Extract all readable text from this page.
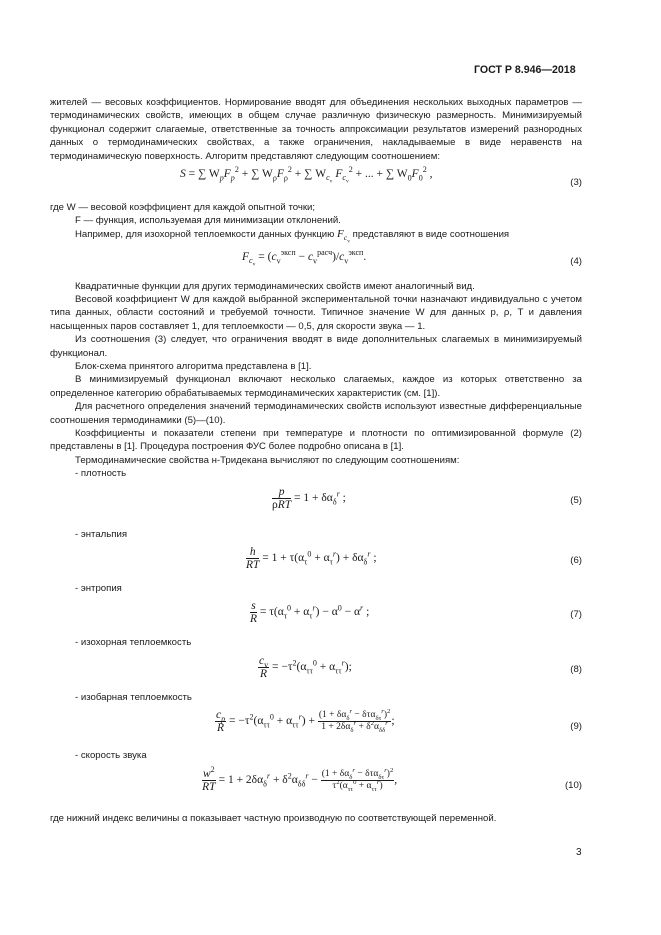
ГОСТ Р 8.946—2018

жителей — весовых коэффициентов. Нормирование вводят для объединения нескольких выходных параметров — термодинамических свойств, имеющих в общем случае различную физическую размерность. Минимизируемый функционал содержит слагаемые, ответственные за точность аппроксимации результатов измерений разнородных данных о термодинамических свойствах, а также ограничения, накладываемые в виде неравенств на термодинамическую поверхность. Алгоритм представляют следующим соотношением:

S = ∑ $W_pF_p^2$ + ∑ $W_\rho F_\rho^2$ + ∑ $W_{c_v}$ $F_{c_v}^2$ + ... + ∑ $W_0F_0^2$ ,
(3)

где W — весовой коэффициент для каждой опытной точки;

F — функция, используемая для минимизации отклонений.

Например, для изохорной теплоемкости данных функцию $F_{c_v}$ представляют в виде соотношения

$F_{c_v} = (c_v^{эксп} - c_v^{расч})/c_v^{эксп}$.	(4)

Квадратичные функции для других термодинамических свойств имеют аналогичный вид.

Весовой коэффициент W для каждой выбранной экспериментальной точки назначают индивидуально с учетом типа данных, области состояний и требуемой точности. Типичное значение W для данных p, ρ, T и давления насыщенных паров составляет 1, для теплоемкости — 0,5, для скорости звука — 1.

Из соотношения (3) следует, что ограничения вводят в виде дополнительных слагаемых в минимизируемый функционал.

Блок-схема принятого алгоритма представлена в [1].

В минимизируемый функционал включают несколько слагаемых, каждое из которых ответственно за определенное категорию обрабатываемых термодинамических характеристик (см. [1]).

Для расчетного определения значений термодинамических свойств используют известные дифференциальные соотношения термодинамики (5)—(10).

Коэффициенты и показатели степени при температуре и плотности по оптимизированной формуле (2) представлены в [1]. Процедура построения ФУС более подробно описана в [1].

Термодинамические свойства н-Тридекана вычисляют по следующим соотношениям:

- плотность

$\frac{p}{\text{ρRT}} = 1 + \delta\alpha_\delta^r$ ;	(5)

- энтальпия

$\frac{h}{RT} = 1 + \tau(\alpha_\tau^0 + \alpha_\tau^r) + \delta\alpha_\delta^r$ ;	(6)

- энтропия

$\frac{s}{R} = \tau(\alpha_\tau^0 + \alpha_\tau^r) - \alpha^0 - \alpha^r$ ;	(7)

- изохорная теплоемкость

$\frac{c_v}{R} = -\tau^2(\alpha_{\tau\tau}^0 + \alpha_{\tau\tau}^r)$;	(8)

- изобарная теплоемкость

$\frac{c_p}{R} = -\tau^2(\alpha_{\tau\tau}^0 + \alpha_{\tau\tau}^r) + \frac{(1 + \delta\alpha_\delta^r - \delta\tau\alpha_{\delta\tau}^r)^2}{1 + 2\delta\alpha_\delta^r + \delta^2\alpha_{\delta\delta}^r}$ ;	(9)

- скорость звука

$\frac{w^2}{RT} = 1 + 2\delta\alpha_\delta^r + \delta^2\alpha_{\delta\delta}^r - \frac{(1 + \delta\alpha_\delta^r - \delta\tau\alpha_{\delta\tau}^r)^2}{\tau^2(\alpha_{\tau\tau}^0 + \alpha_{\tau\tau}^r)}$ ,	(10)

где нижний индекс величины α показывает частную производную по соответствующей переменной.

3
